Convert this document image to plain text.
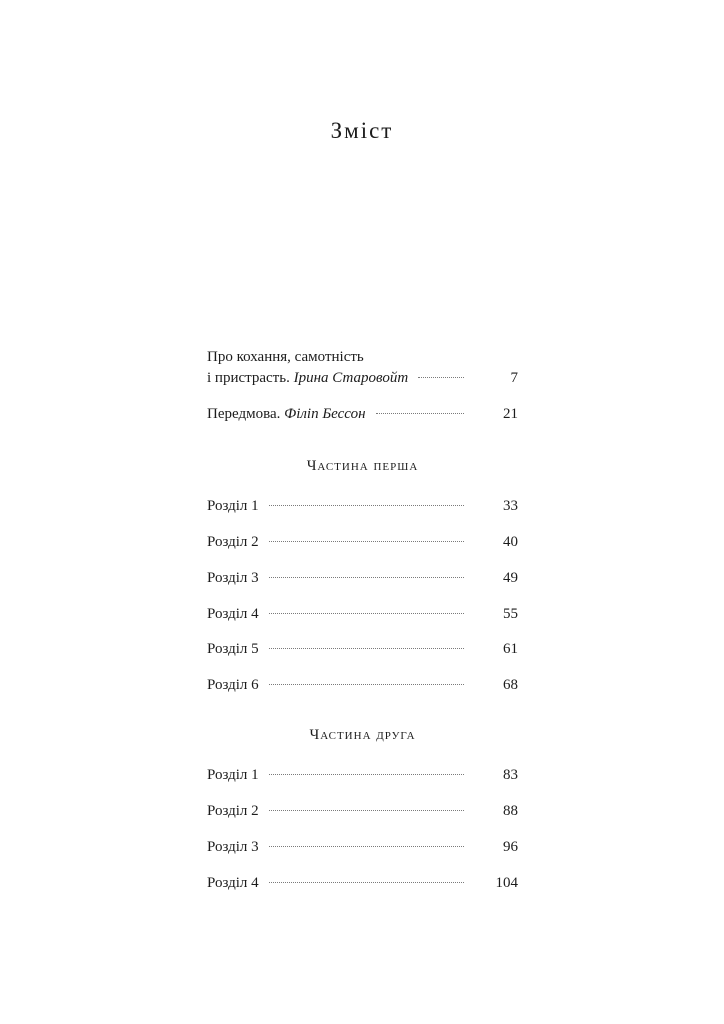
Зміст
Про кохання, самотність
і пристрасть. Ірина Старовойт	7
Передмова. Філіп Бессон	21
Частина перша
Розділ 1	33
Розділ 2	40
Розділ 3	49
Розділ 4	55
Розділ 5	61
Розділ 6	68
Частина друга
Розділ 1	83
Розділ 2	88
Розділ 3	96
Розділ 4	104
